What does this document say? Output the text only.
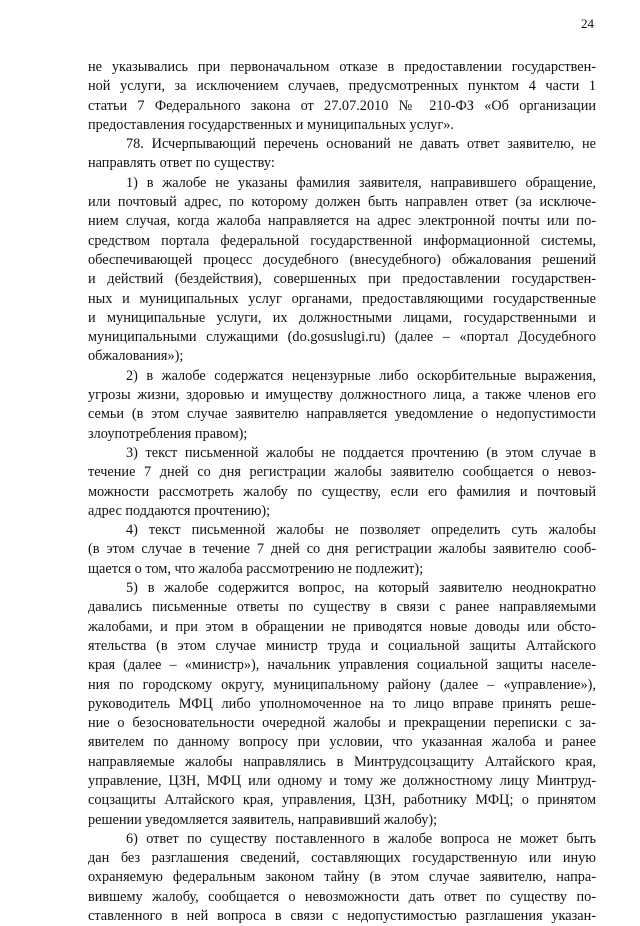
24
не указывались при первоначальном отказе в предоставлении государствен-
ной услуги, за исключением случаев, предусмотренных пунктом 4 части 1
статьи 7 Федерального закона от 27.07.2010 № 210-ФЗ «Об организации
предоставления государственных и муниципальных услуг».
78. Исчерпывающий перечень оснований не давать ответ заявителю, не
направлять ответ по существу:
1) в жалобе не указаны фамилия заявителя, направившего обращение,
или почтовый адрес, по которому должен быть направлен ответ (за исключе-
нием случая, когда жалоба направляется на адрес электронной почты или по-
средством портала федеральной государственной информационной системы,
обеспечивающей процесс досудебного (внесудебного) обжалования решений
и действий (бездействия), совершенных при предоставлении государствен-
ных и муниципальных услуг органами, предоставляющими государственные
и муниципальные услуги, их должностными лицами, государственными и
муниципальными служащими (do.gosuslugi.ru) (далее – «портал Досудебного
обжалования»);
2) в жалобе содержатся нецензурные либо оскорбительные выражения,
угрозы жизни, здоровью и имуществу должностного лица, а также членов его
семьи (в этом случае заявителю направляется уведомление о недопустимости
злоупотребления правом);
3) текст письменной жалобы не поддается прочтению (в этом случае в
течение 7 дней со дня регистрации жалобы заявителю сообщается о невоз-
можности рассмотреть жалобу по существу, если его фамилия и почтовый
адрес поддаются прочтению);
4) текст письменной жалобы не позволяет определить суть жалобы
(в этом случае в течение 7 дней со дня регистрации жалобы заявителю сооб-
щается о том, что жалоба рассмотрению не подлежит);
5) в жалобе содержится вопрос, на который заявителю неоднократно
давались письменные ответы по существу в связи с ранее направляемыми
жалобами, и при этом в обращении не приводятся новые доводы или обсто-
ятельства (в этом случае министр труда и социальной защиты Алтайского
края (далее – «министр»), начальник управления социальной защиты населе-
ния по городскому округу, муниципальному району (далее – «управление»),
руководитель МФЦ либо уполномоченное на то лицо вправе принять реше-
ние о безосновательности очередной жалобы и прекращении переписки с за-
явителем по данному вопросу при условии, что указанная жалоба и ранее
направляемые жалобы направлялись в Минтрудсоцзащиту Алтайского края,
управление, ЦЗН, МФЦ или одному и тому же должностному лицу Минтруд-
соцзащиты Алтайского края, управления, ЦЗН, работнику МФЦ; о принятом
решении уведомляется заявитель, направивший жалобу);
6) ответ по существу поставленного в жалобе вопроса не может быть
дан без разглашения сведений, составляющих государственную или иную
охраняемую федеральным законом тайну (в этом случае заявителю, напра-
вившему жалобу, сообщается о невозможности дать ответ по существу по-
ставленного в ней вопроса в связи с недопустимостью разглашения указан-
